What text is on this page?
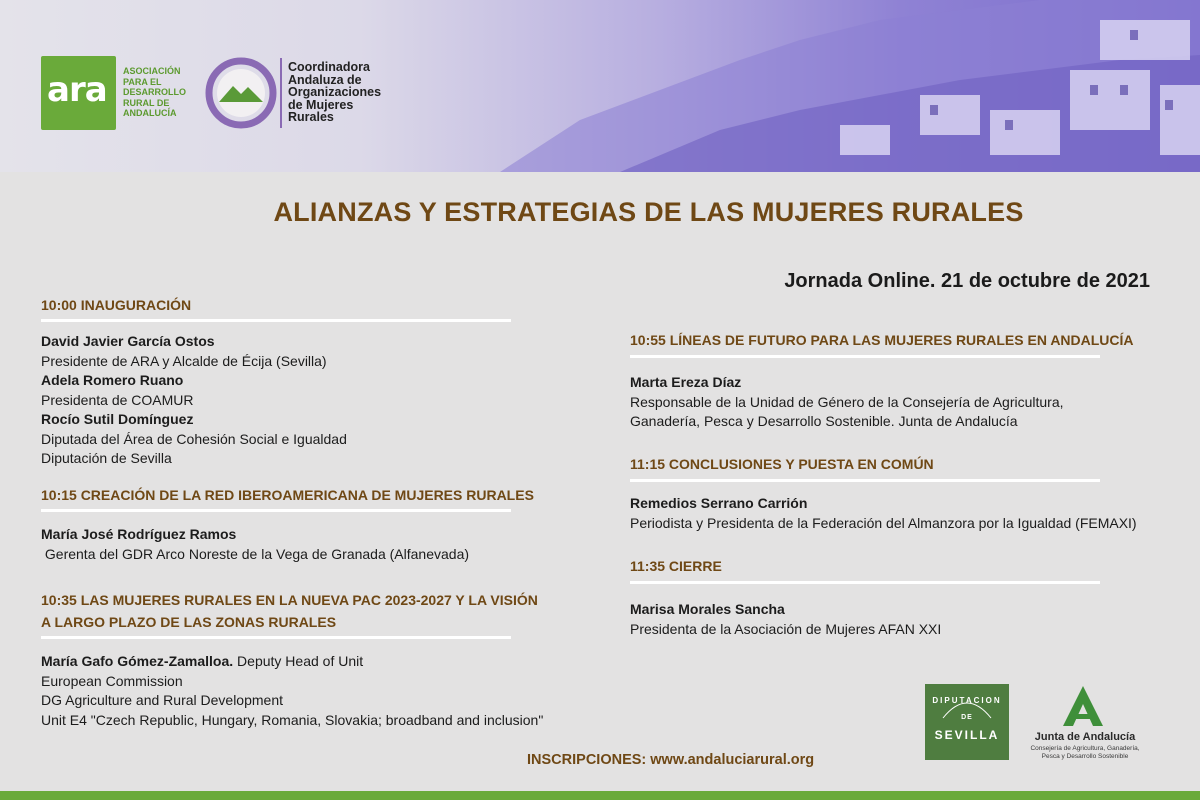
ara ASOCIACIÓN
PARA EL
DESARROLLO
RURAL DE
ANDALUCÍA
Coordinadora
Andaluza de
Organizaciones
de Mujeres
Rurales
ALIANZAS Y ESTRATEGIAS DE LAS MUJERES RURALES
Jornada Online. 21 de octubre de 2021
10:00 INAUGURACIÓN
David Javier García Ostos
Presidente de ARA y Alcalde de Écija (Sevilla)
Adela Romero Ruano
Presidenta de COAMUR
Rocío Sutil Domínguez
Diputada del Área de Cohesión Social e Igualdad
Diputación de Sevilla
10:15 CREACIÓN DE LA RED IBEROAMERICANA DE MUJERES RURALES
María José Rodríguez Ramos
Gerenta del GDR Arco Noreste de la Vega de Granada (Alfanevada)
10:35 LAS MUJERES RURALES EN LA NUEVA PAC 2023-2027 Y LA VISIÓN
A LARGO PLAZO DE LAS ZONAS RURALES
María Gafo Gómez-Zamalloa. Deputy Head of Unit
European Commission
DG Agriculture and Rural Development
Unit E4 "Czech Republic, Hungary, Romania, Slovakia; broadband and inclusion"
10:55 LÍNEAS DE FUTURO PARA LAS MUJERES RURALES EN ANDALUCÍA
Marta Ereza Díaz
Responsable de la Unidad de Género de la Consejería de Agricultura,
Ganadería, Pesca y Desarrollo Sostenible. Junta de Andalucía
11:15 CONCLUSIONES Y PUESTA EN COMÚN
Remedios Serrano Carrión
Periodista y Presidenta de la Federación del Almanzora por la Igualdad (FEMAXI)
11:35 CIERRE
Marisa Morales Sancha
Presidenta de la Asociación de Mujeres AFAN XXI
INSCRIPCIONES: www.andaluciarural.org
DIPUTACION
DE
SEVILLA	Junta de Andalucía
Consejería de Agricultura, Ganadería,
Pesca y Desarrollo Sostenible
